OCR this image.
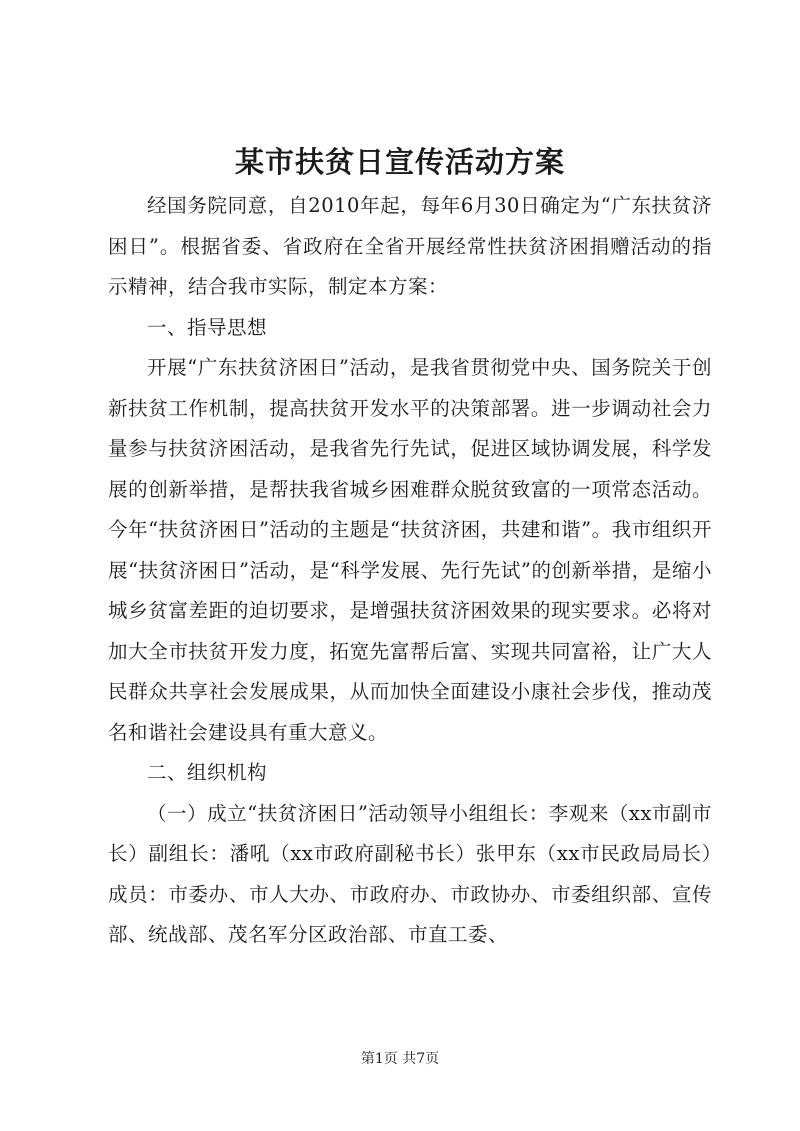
某市扶贫日宣传活动方案

经国务院同意，自2010年起，每年6月30日确定为“广东扶贫济困日”。根据省委、省政府在全省开展经常性扶贫济困捐赠活动的指示精神，结合我市实际，制定本方案：

一、指导思想

开展“广东扶贫济困日”活动，是我省贯彻党中央、国务院关于创新扶贫工作机制，提高扶贫开发水平的决策部署。进一步调动社会力量参与扶贫济困活动，是我省先行先试，促进区域协调发展，科学发展的创新举措，是帮扶我省城乡困难群众脱贫致富的一项常态活动。今年“扶贫济困日”活动的主题是“扶贫济困，共建和谐”。我市组织开展“扶贫济困日”活动，是“科学发展、先行先试”的创新举措，是缩小城乡贫富差距的迫切要求，是增强扶贫济困效果的现实要求。必将对加大全市扶贫开发力度，拓宽先富帮后富、实现共同富裕，让广大人民群众共享社会发展成果，从而加快全面建设小康社会步伐，推动茂名和谐社会建设具有重大意义。

二、组织机构

（一）成立“扶贫济困日”活动领导小组组长：李观来（xx市副市长）副组长：潘吼（xx市政府副秘书长）张甲东（xx市民政局局长）成员：市委办、市人大办、市政府办、市政协办、市委组织部、宣传部、统战部、茂名军分区政治部、市直工委、

第1页 共7页
